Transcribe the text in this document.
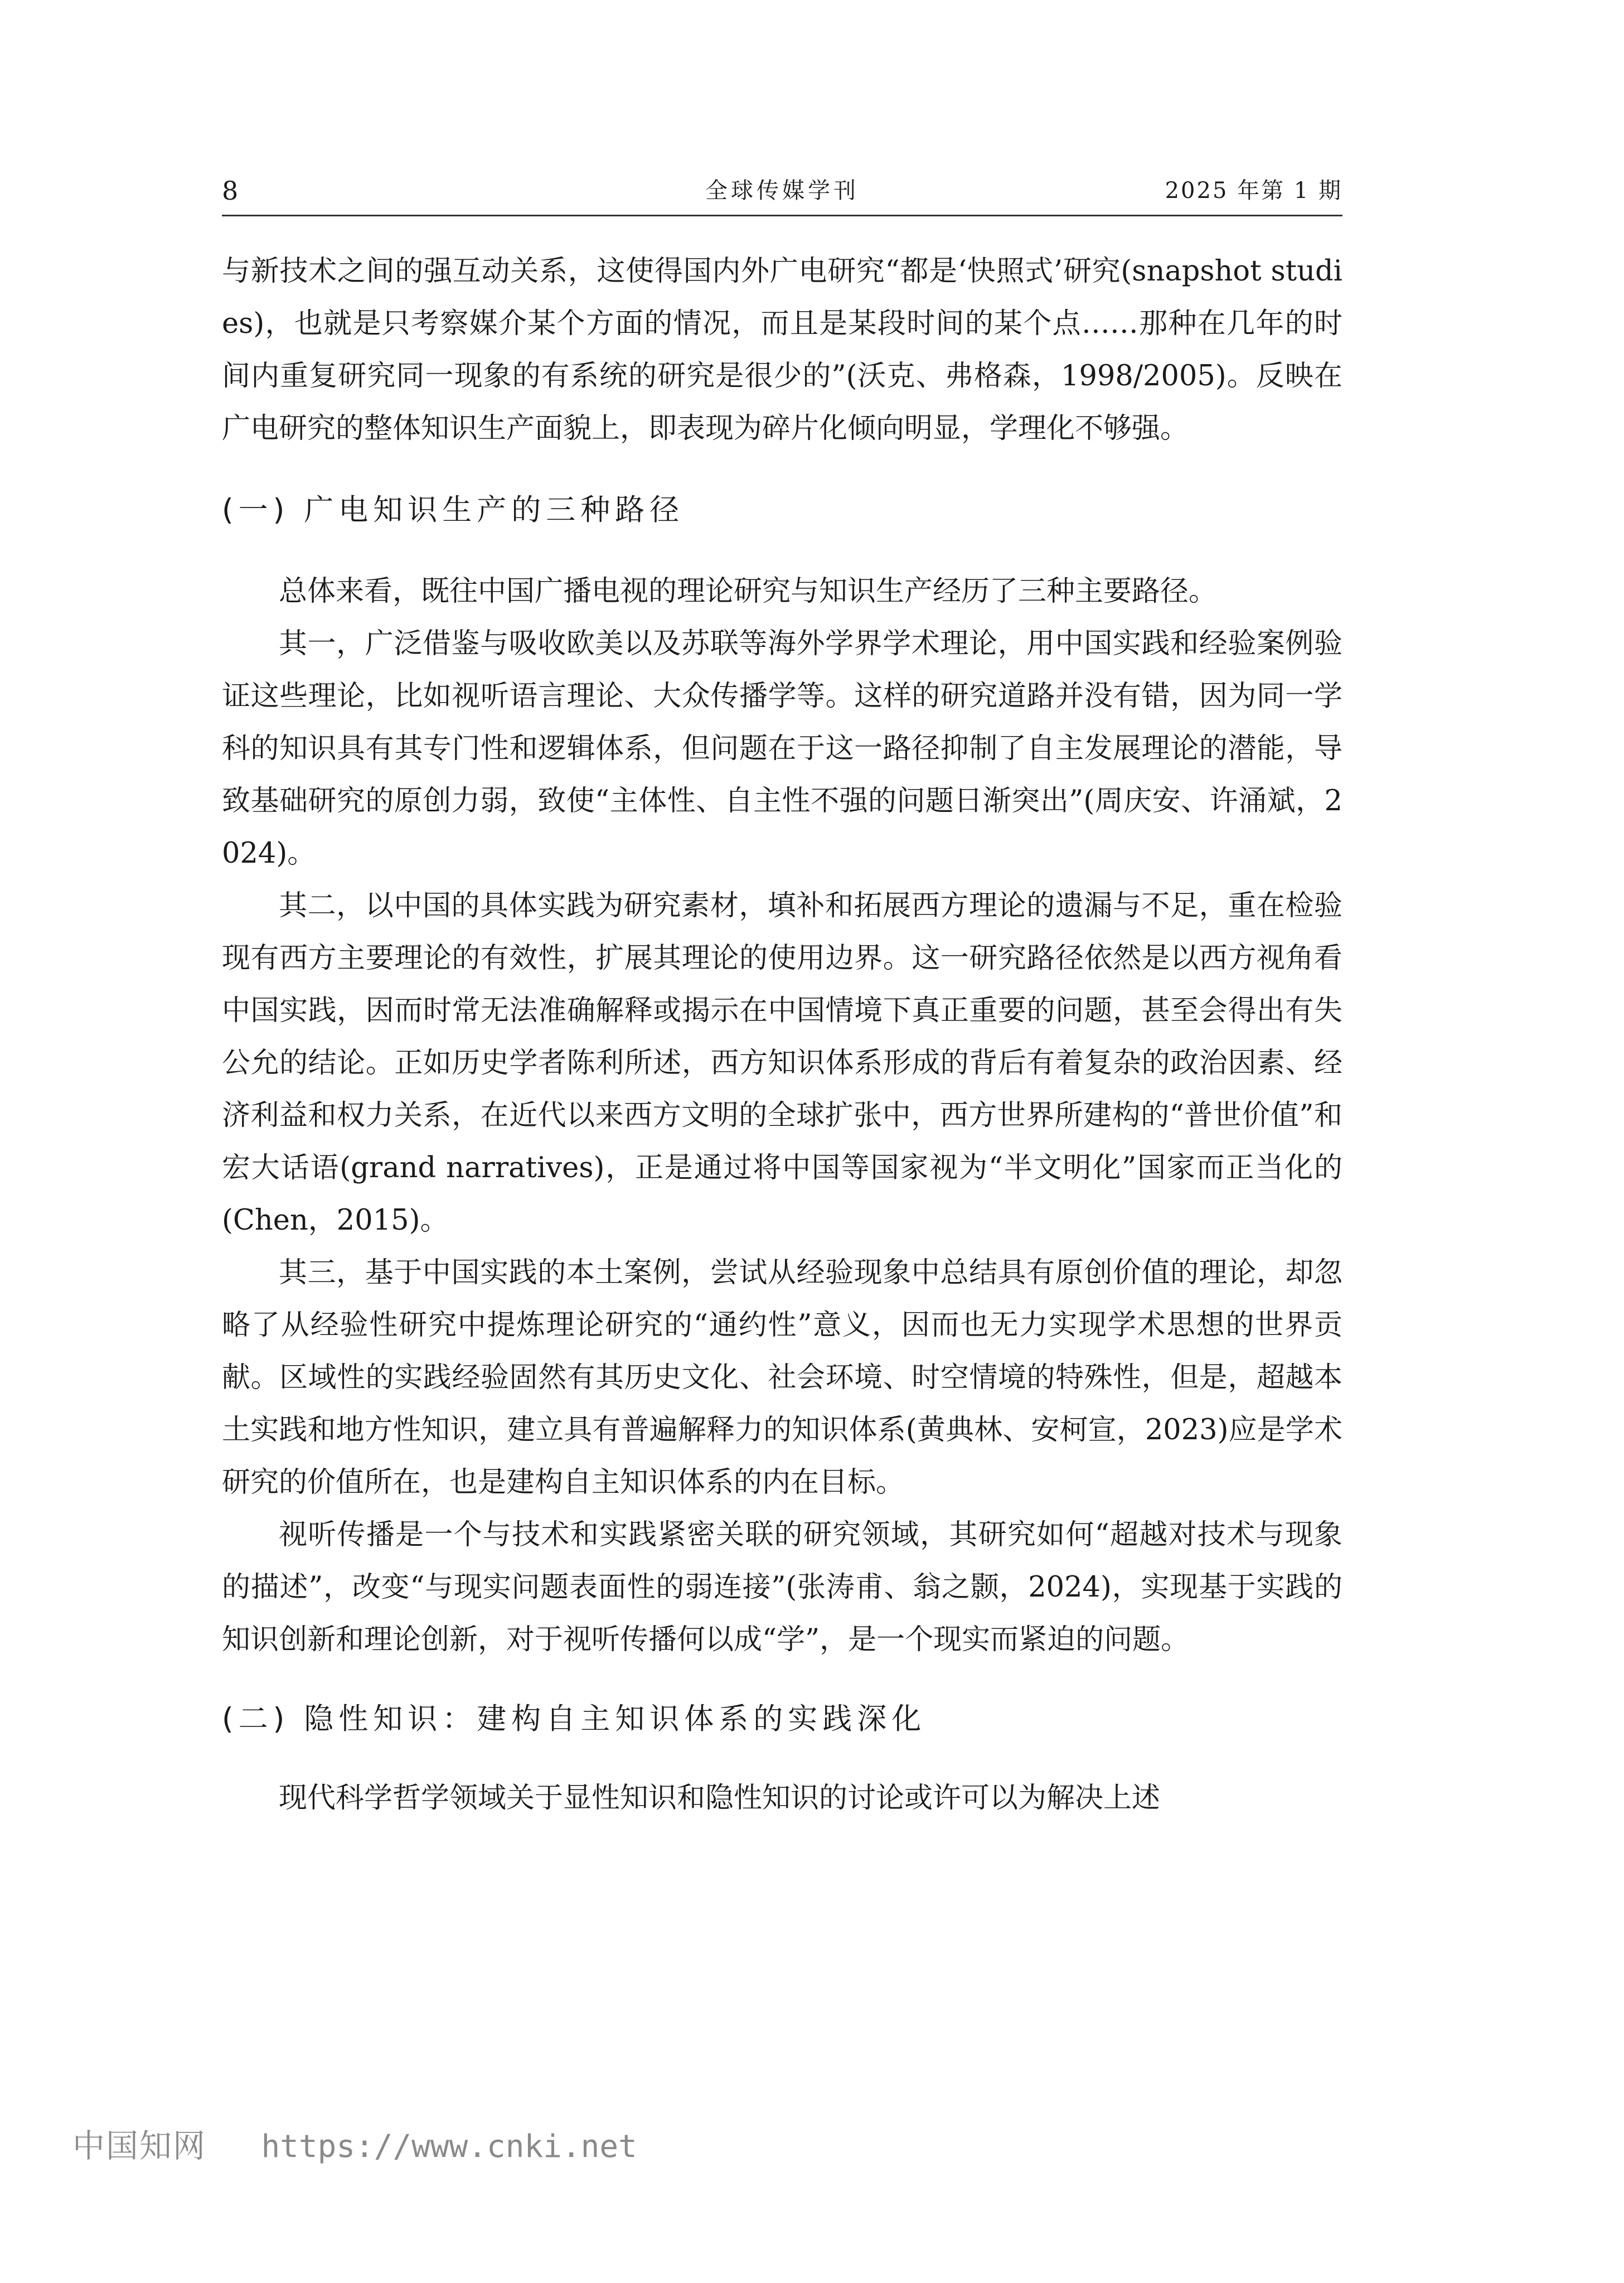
8	全球传媒学刊	2025 年第 1 期

与新技术之间的强互动关系，这使得国内外广电研究“都是‘快照式’研究(snapshot studies)，也就是只考察媒介某个方面的情况，而且是某段时间的某个点……那种在几年的时间内重复研究同一现象的有系统的研究是很少的”(沃克、弗格森，1998/2005)。反映在广电研究的整体知识生产面貌上，即表现为碎片化倾向明显，学理化不够强。

(一) 广电知识生产的三种路径

总体来看，既往中国广播电视的理论研究与知识生产经历了三种主要路径。

其一，广泛借鉴与吸收欧美以及苏联等海外学界学术理论，用中国实践和经验案例验证这些理论，比如视听语言理论、大众传播学等。这样的研究道路并没有错，因为同一学科的知识具有其专门性和逻辑体系，但问题在于这一路径抑制了自主发展理论的潜能，导致基础研究的原创力弱，致使“主体性、自主性不强的问题日渐突出”(周庆安、许涌斌，2024)。

其二，以中国的具体实践为研究素材，填补和拓展西方理论的遗漏与不足，重在检验现有西方主要理论的有效性，扩展其理论的使用边界。这一研究路径依然是以西方视角看中国实践，因而时常无法准确解释或揭示在中国情境下真正重要的问题，甚至会得出有失公允的结论。正如历史学者陈利所述，西方知识体系形成的背后有着复杂的政治因素、经济利益和权力关系，在近代以来西方文明的全球扩张中，西方世界所建构的“普世价值”和宏大话语(grand narratives)，正是通过将中国等国家视为“半文明化”国家而正当化的(Chen，2015)。

其三，基于中国实践的本土案例，尝试从经验现象中总结具有原创价值的理论，却忽略了从经验性研究中提炼理论研究的“通约性”意义，因而也无力实现学术思想的世界贡献。区域性的实践经验固然有其历史文化、社会环境、时空情境的特殊性，但是，超越本土实践和地方性知识，建立具有普遍解释力的知识体系(黄典林、安柯宣，2023)应是学术研究的价值所在，也是建构自主知识体系的内在目标。

视听传播是一个与技术和实践紧密关联的研究领域，其研究如何“超越对技术与现象的描述”，改变“与现实问题表面性的弱连接”(张涛甫、翁之颢，2024)，实现基于实践的知识创新和理论创新，对于视听传播何以成“学”，是一个现实而紧迫的问题。

(二) 隐性知识：建构自主知识体系的实践深化

现代科学哲学领域关于显性知识和隐性知识的讨论或许可以为解决上述

中国知网 https://www.cnki.net
